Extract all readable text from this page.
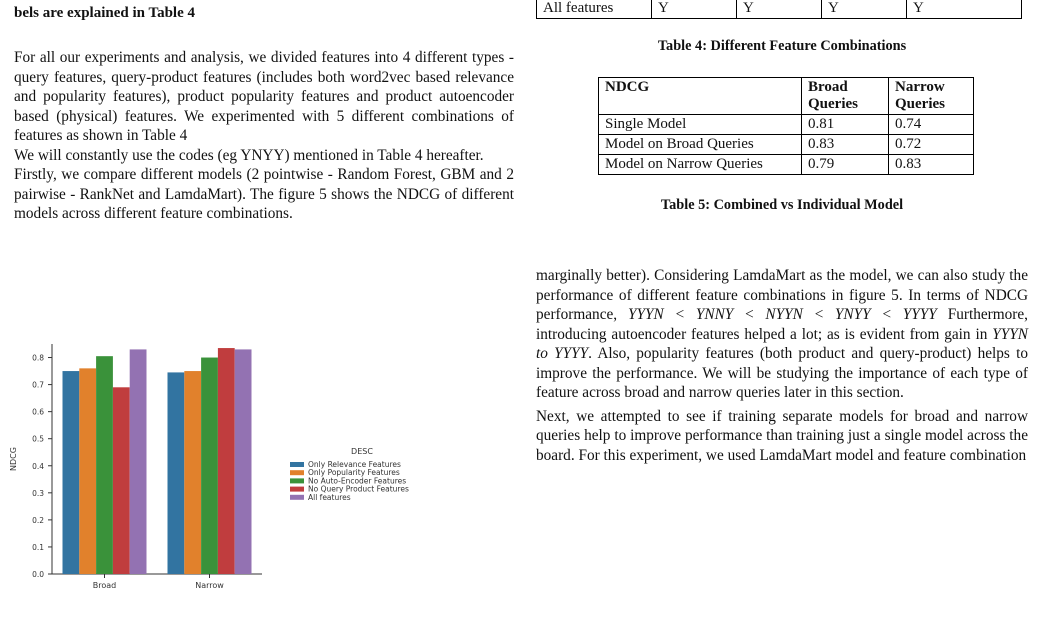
bels are explained in Table 4

For all our experiments and analysis, we divided features into 4 different types - query features, query-product features (includes both word2vec based relevance and popularity features), product popularity features and product autoencoder based (physical) features. We experimented with 5 different combinations of features as shown in Table 4

We will constantly use the codes (eg YNYY) mentioned in Table 4 hereafter.

Firstly, we compare different models (2 pointwise - Random Forest, GBM and 2 pairwise - RankNet and LamdaMart). The figure 5 shows the NDCG of different models across different feature combinations.

0.0
0.1
0.2
0.3
0.4
0.5
0.6
0.7
0.8
NDCG
Broad	Narrow
DESC
Only Relevance Features
Only Popularity Features
No Auto-Encoder Features
No Query Product Features
All features
All features	Y	Y	Y	Y
Table 4: Different Feature Combinations
NDCG	Broad Queries	Narrow Queries
Single Model	0.81	0.74
Model on Broad Queries	0.83	0.72
Model on Narrow Queries	0.79	0.83
Table 5: Combined vs Individual Model

marginally better). Considering LamdaMart as the model, we can also study the performance of different feature combinations in figure 5. In terms of NDCG performance, YYYN < YNNY < NYYN < YNYY < YYYY Furthermore, introducing autoencoder features helped a lot; as is evident from gain in YYYN to YYYY. Also, popularity features (both product and query-product) helps to improve the performance. We will be studying the importance of each type of feature across broad and narrow queries later in this section.

Next, we attempted to see if training separate models for broad and narrow queries help to improve performance than training just a single model across the board. For this experiment, we used LamdaMart model and feature combination
